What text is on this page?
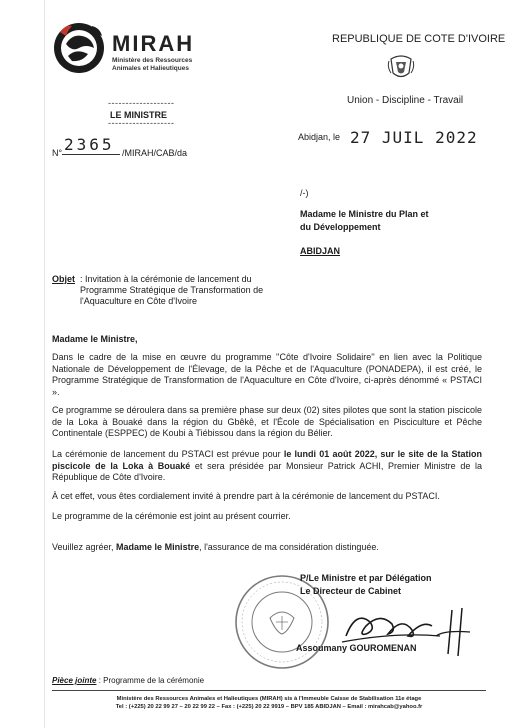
MIRAH
Ministère des Ressources Animales et Halieutiques
REPUBLIQUE DE COTE D'IVOIRE
Union - Discipline - Travail
-------------------
LE MINISTRE
-------------------
N° 2365 /MIRAH/CAB/da
Abidjan, le 27 JUIL 2022
/-)
Madame le Ministre du Plan et
du Développement
ABIDJAN
Objet : Invitation à la cérémonie de lancement du Programme Stratégique de Transformation de l'Aquaculture en Côte d'Ivoire
Madame le Ministre,
Dans le cadre de la mise en œuvre du programme ''Côte d'Ivoire Solidaire'' en lien avec la Politique Nationale de Développement de l'Élevage, de la Pêche et de l'Aquaculture (PONADEPA), il est créé, le Programme Stratégique de Transformation de l'Aquaculture en Côte d'Ivoire, ci-après dénommé « PSTACI ».
Ce programme se déroulera dans sa première phase sur deux (02) sites pilotes que sont la station piscicole de la Loka à Bouaké dans la région du Gbêkê, et l'École de Spécialisation en Pisciculture et Pêche Continentale (ESPPEC) de Koubi à Tiébissou dans la région du Bélier.
La cérémonie de lancement du PSTACI est prévue pour le lundi 01 août 2022, sur le site de la Station piscicole de la Loka à Bouaké et sera présidée par Monsieur Patrick ACHI, Premier Ministre de la République de Côte d'Ivoire.
À cet effet, vous êtes cordialement invité à prendre part à la cérémonie de lancement du PSTACI.
Le programme de la cérémonie est joint au présent courrier.
Veuillez agréer, Madame le Ministre, l'assurance de ma considération distinguée.
P/Le Ministre et par Délégation
Le Directeur de Cabinet
Assoumany GOUROMENAN
Pièce jointe : Programme de la cérémonie
Ministère des Ressources Animales et Halieutiques (MIRAH) sis à l'Immeuble Caisse de Stabilisation 11e étage
Tel : (+225) 20 22 99 27 – 20 22 99 22 – Fax : (+225) 20 22 9919 – BPV 185 ABIDJAN – Email : mirahcab@yahoo.fr
